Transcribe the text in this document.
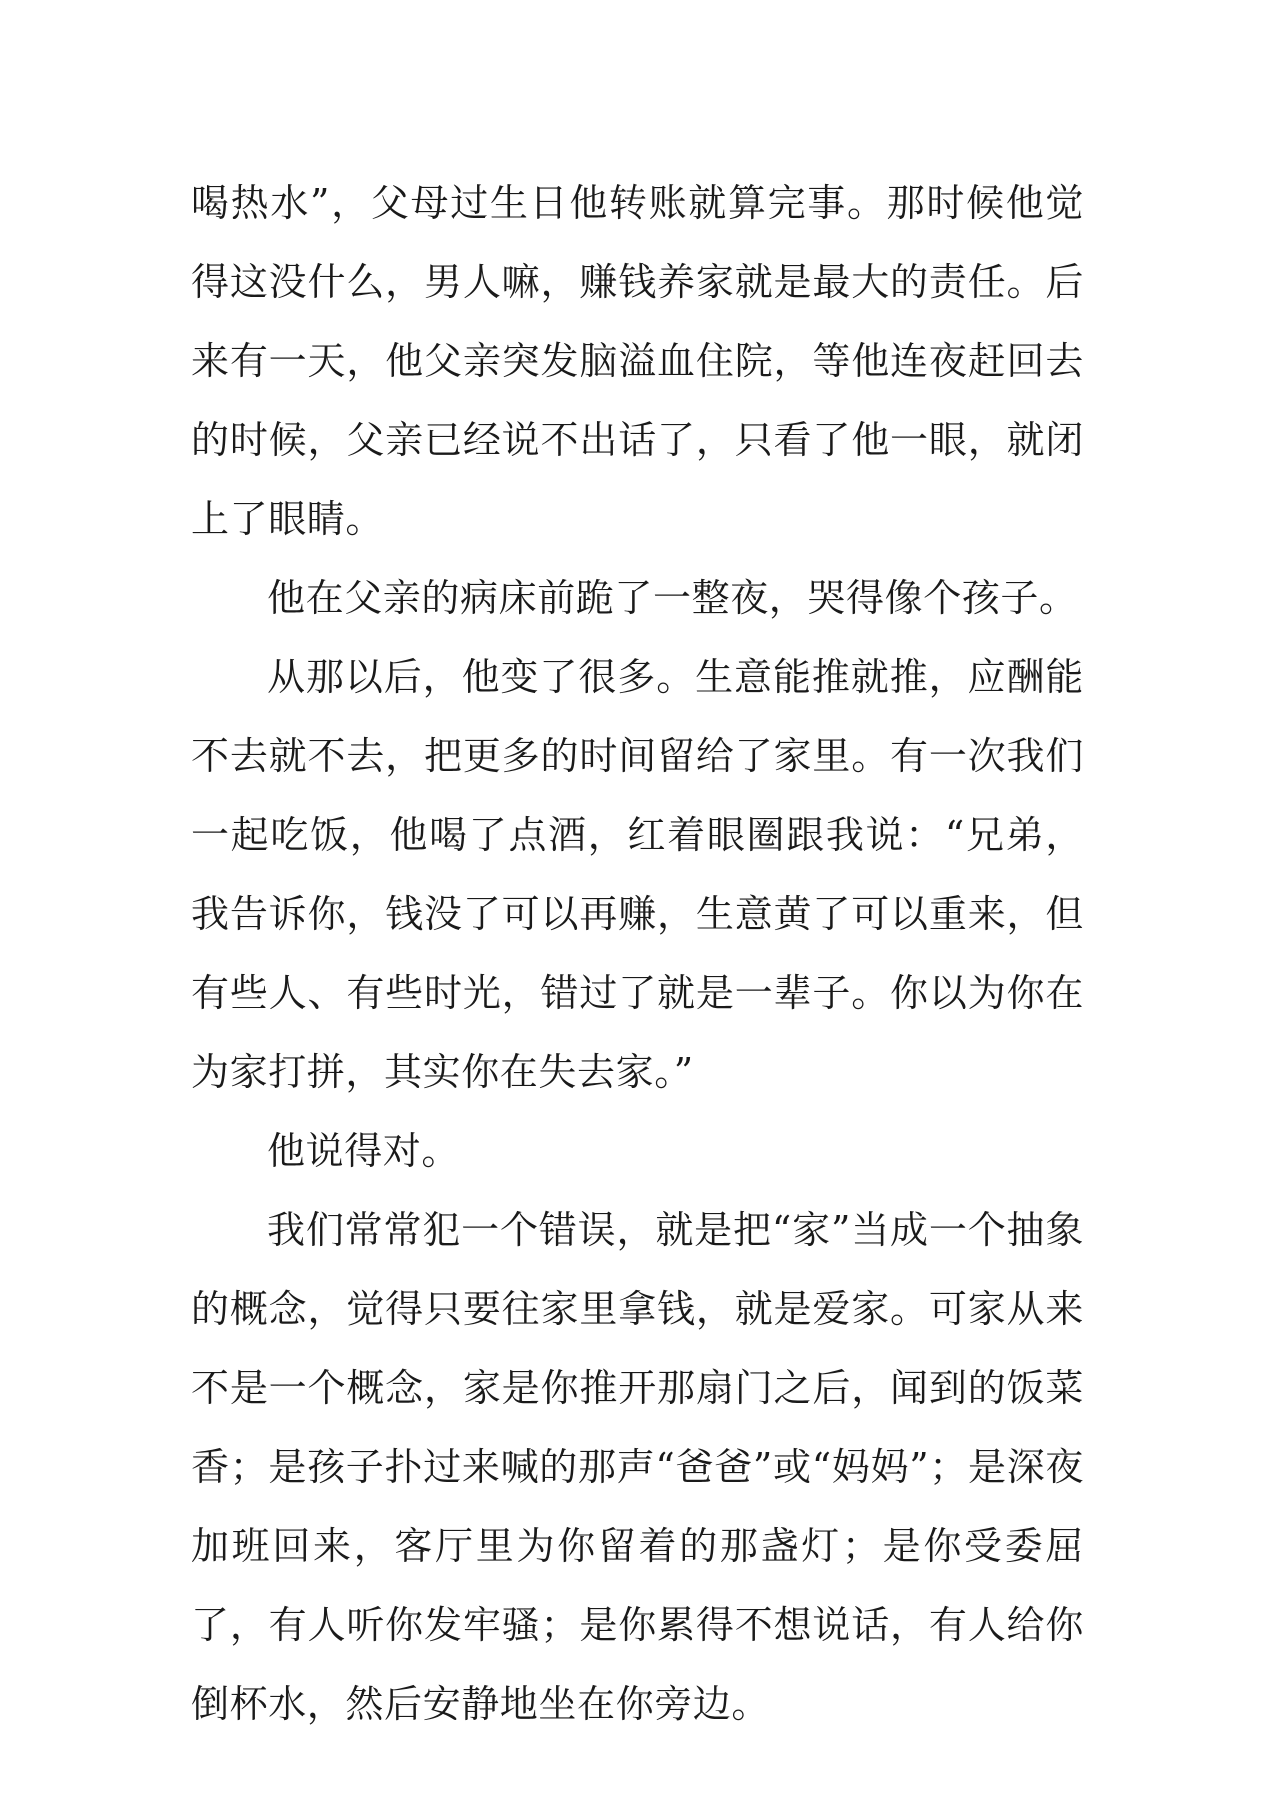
喝热水”，父母过生日他转账就算完事。那时候他觉得这没什么，男人嘛，赚钱养家就是最大的责任。后来有一天，他父亲突发脑溢血住院，等他连夜赶回去的时候，父亲已经说不出话了，只看了他一眼，就闭上了眼睛。

他在父亲的病床前跪了一整夜，哭得像个孩子。

从那以后，他变了很多。生意能推就推，应酬能不去就不去，把更多的时间留给了家里。有一次我们一起吃饭，他喝了点酒，红着眼圈跟我说：“兄弟，我告诉你，钱没了可以再赚，生意黄了可以重来，但有些人、有些时光，错过了就是一辈子。你以为你在为家打拼，其实你在失去家。”

他说得对。

我们常常犯一个错误，就是把“家”当成一个抽象的概念，觉得只要往家里拿钱，就是爱家。可家从来不是一个概念，家是你推开那扇门之后，闻到的饭菜香；是孩子扑过来喊的那声“爸爸”或“妈妈”；是深夜加班回来，客厅里为你留着的那盏灯；是你受委屈了，有人听你发牢骚；是你累得不想说话，有人给你倒杯水，然后安静地坐在你旁边。
